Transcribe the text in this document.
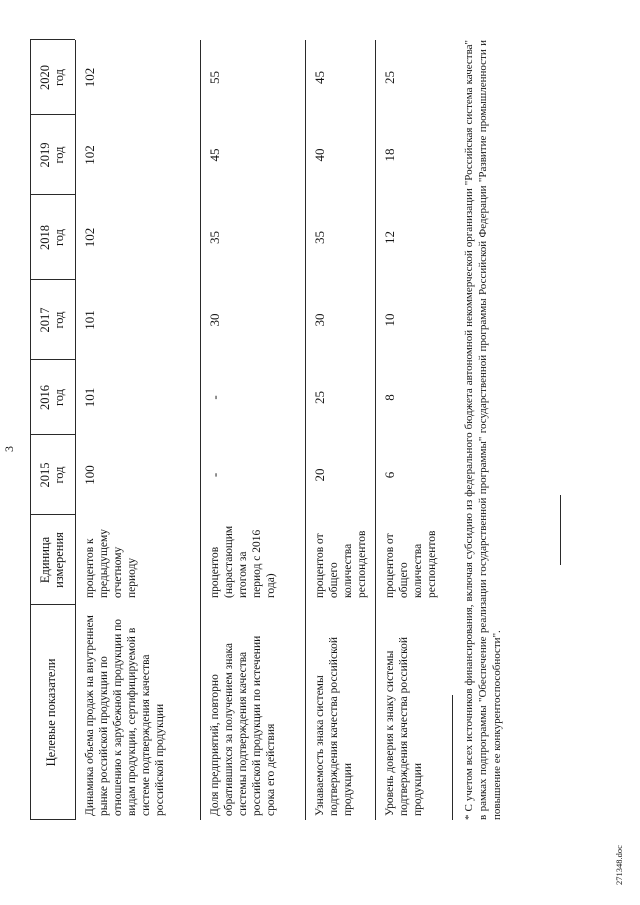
3
Целевые показатели
Единица измерения
2015 год
2016 год
2017 год
2018 год
2019 год
2020 год
Динамика объема продаж на внутреннем рынке российской продукции по отношению к зарубежной продукции по видам продукции, сертифицируемой в системе подтверждения качества российской продукции
процентов к предыдущему отчетному периоду
100
101
101
102
102
102
Доля предприятий, повторно обратившихся за получением знака системы подтверждения качества российской продукции по истечении срока его действия
процентов (нарастающим итогом за период с 2016 года)
-
-
30
35
45
55
Узнаваемость знака системы подтверждения качества российской продукции
процентов от общего количества респондентов
20
25
30
35
40
45
Уровень доверия к знаку системы подтверждения качества российской продукции
процентов от общего количества респондентов
6
8
10
12
18
25	* С учетом всех источников финансирования, включая субсидию из федерального бюджета автономной некоммерческой организации "Российская система качества" в рамках подпрограммы "Обеспечение реализации государственной программы" государственной программы Российской Федерации "Развитие промышленности и повышение ее конкурентоспособности".
271348.doc
